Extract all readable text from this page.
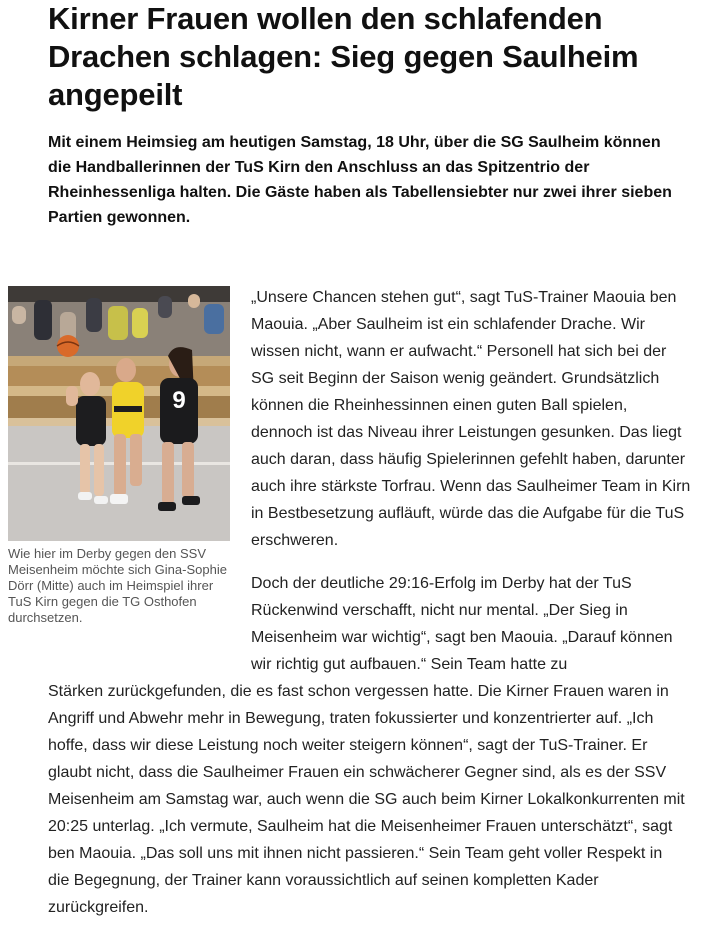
Kirner Frauen wollen den schlafenden Drachen schlagen: Sieg gegen Saulheim angepeilt

Mit einem Heimsieg am heutigen Samstag, 18 Uhr, über die SG Saulheim können die Handballerinnen der TuS Kirn den Anschluss an das Spitzentrio der Rheinhessenliga halten. Die Gäste haben als Tabellensiebter nur zwei ihrer sieben Partien gewonnen.

9
Wie hier im Derby gegen den SSV Meisenheim möchte sich Gina-Sophie Dörr (Mitte) auch im Heimspiel ihrer TuS Kirn gegen die TG Osthofen durchsetzen.

„Unsere Chancen stehen gut“, sagt TuS-Trainer Maouia ben Maouia. „Aber Saulheim ist ein schlafender Drache. Wir wissen nicht, wann er aufwacht.“ Personell hat sich bei der SG seit Beginn der Saison wenig geändert. Grundsätzlich können die Rheinhessinnen einen guten Ball spielen, dennoch ist das Niveau ihrer Leistungen gesunken. Das liegt auch daran, dass häufig Spielerinnen gefehlt haben, darunter auch ihre stärkste Torfrau. Wenn das Saulheimer Team in Kirn in Bestbesetzung aufläuft, würde das die Aufgabe für die TuS erschweren.

Doch der deutliche 29:16-Erfolg im Derby hat der TuS Rückenwind verschafft, nicht nur mental. „Der Sieg in Meisenheim war wichtig“, sagt ben Maouia. „Darauf können wir richtig gut aufbauen.“ Sein Team hatte zu

Stärken zurückgefunden, die es fast schon vergessen hatte. Die Kirner Frauen waren in Angriff und Abwehr mehr in Bewegung, traten fokussierter und konzentrierter auf. „Ich hoffe, dass wir diese Leistung noch weiter steigern können“, sagt der TuS-Trainer. Er glaubt nicht, dass die Saulheimer Frauen ein schwächerer Gegner sind, als es der SSV Meisenheim am Samstag war, auch wenn die SG auch beim Kirner Lokalkonkurrenten mit 20:25 unterlag. „Ich vermute, Saulheim hat die Meisenheimer Frauen unterschätzt“, sagt ben Maouia. „Das soll uns mit ihnen nicht passieren.“ Sein Team geht voller Respekt in die Begegnung, der Trainer kann voraussichtlich auf seinen kompletten Kader zurückgreifen.
